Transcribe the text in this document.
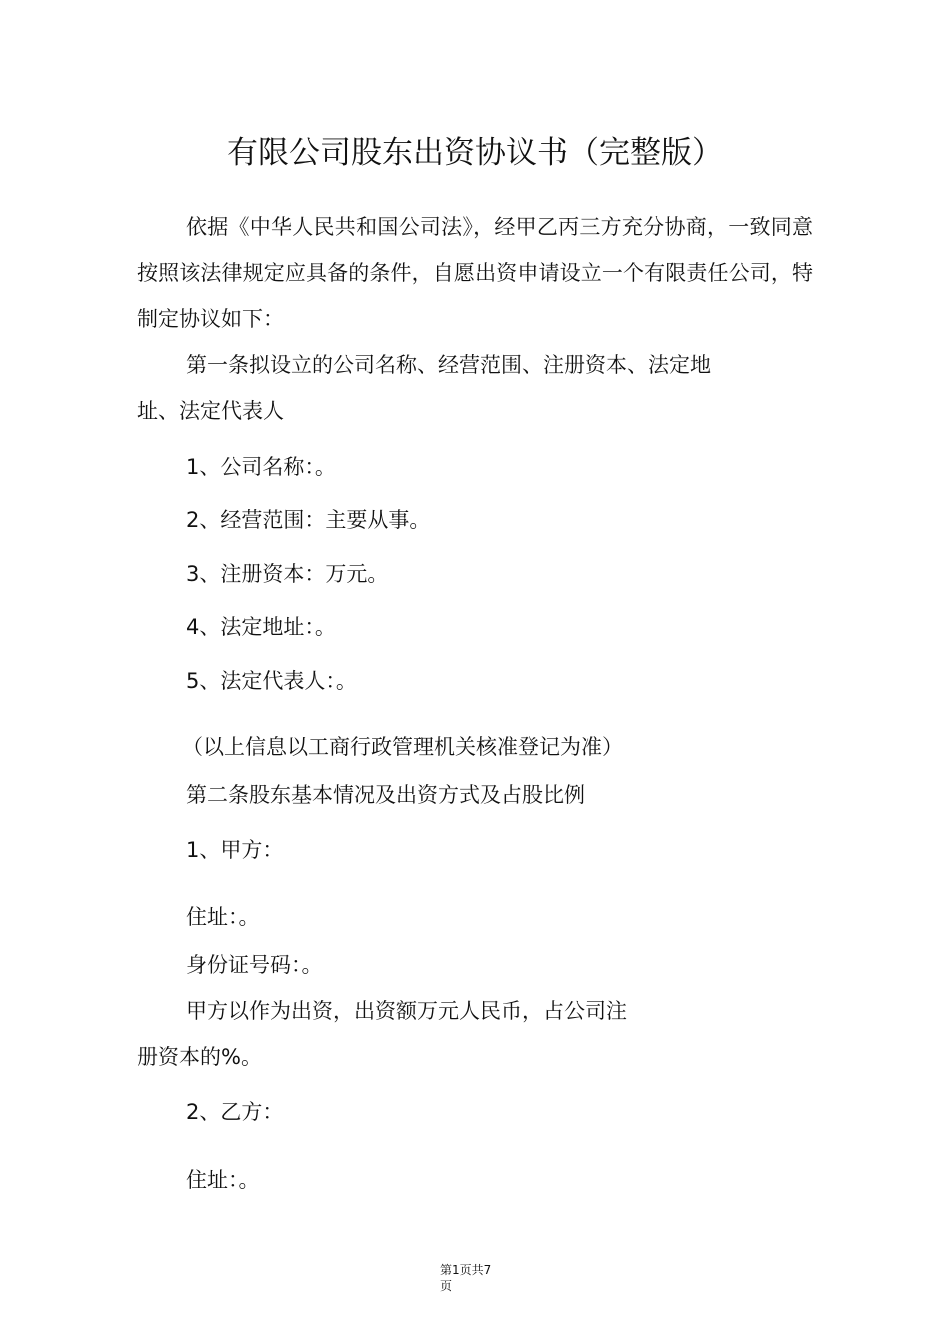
有限公司股东出资协议书（完整版）
依据《中华人民共和国公司法》，经甲乙丙三方充分协商，一致同意按照该法律规定应具备的条件，自愿出资申请设立一个有限责任公司，特制定协议如下：
第一条拟设立的公司名称、经营范围、注册资本、法定地
址、法定代表人
1、公司名称：。
2、经营范围：主要从事。
3、注册资本：万元。
4、法定地址：。
5、法定代表人：。
（以上信息以工商行政管理机关核准登记为准）
第二条股东基本情况及出资方式及占股比例
1、甲方：
住址：。
身份证号码：。
甲方以作为出资，出资额万元人民币，占公司注
册资本的%。
2、乙方：
住址：。
第1页共7
页
